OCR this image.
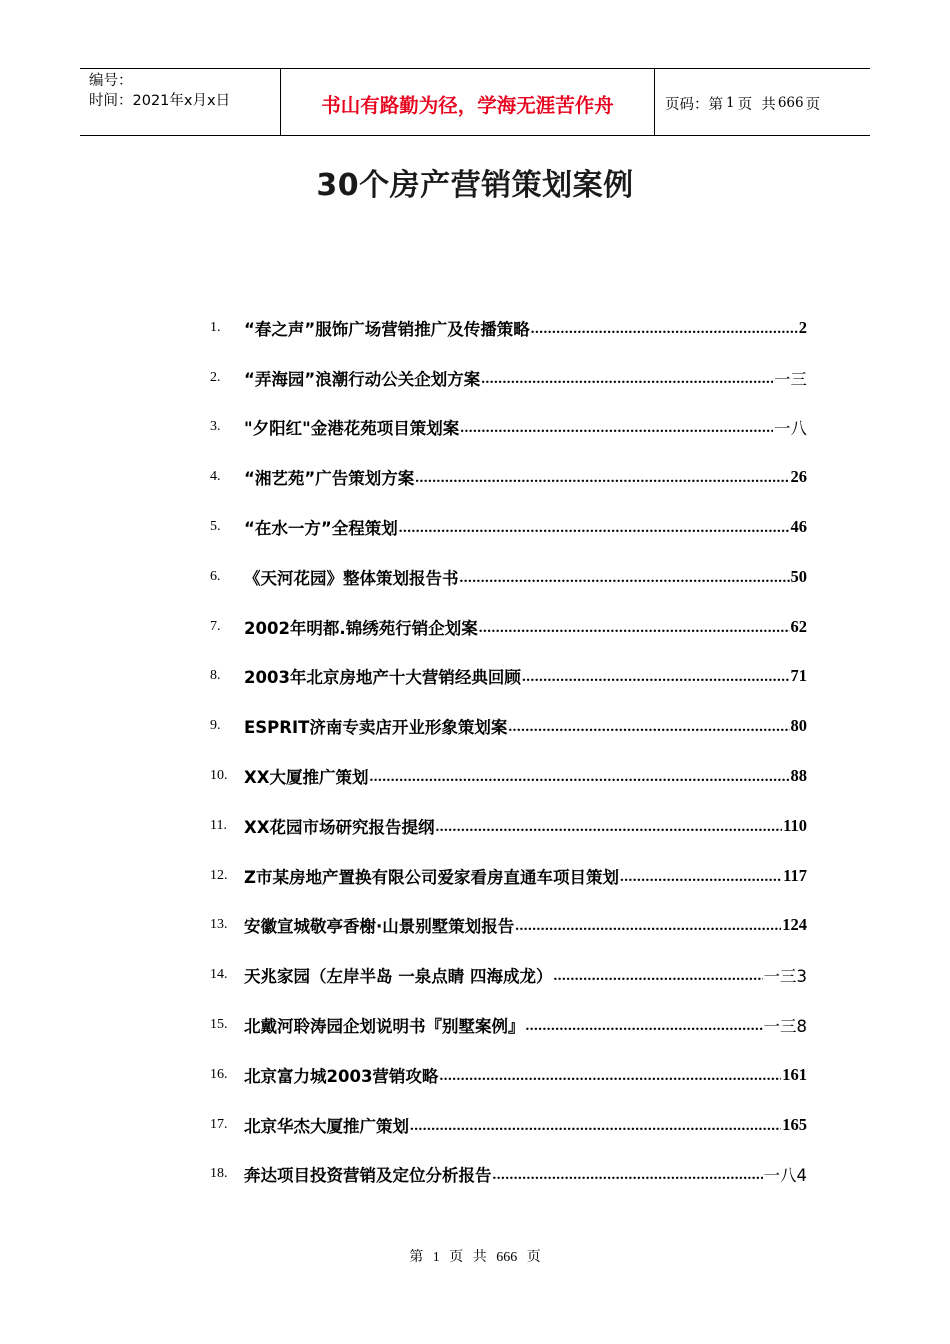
编号：
时间：2021年x月x日	书山有路勤为径，学海无涯苦作舟	页码：第 1 页  共 666 页
30个房产营销策划案例
1.	“春之声”服饰广场营销推广及传播策略 .....	2
2.	“弄海园”浪潮行动公关企划方案 .....	一三
3.	"夕阳红"金港花苑项目策划案 .....	一八
4.	“湘艺苑”广告策划方案 .....	26
5.	“在水一方”全程策划 .....	46
6.	《天河花园》整体策划报告书 .....	50
7.	2002年明都.锦绣苑行销企划案 .....	62
8.	2003年北京房地产十大营销经典回顾 .....	71
9.	ESPRIT济南专卖店开业形象策划案 .....	80
10.	XX大厦推广策划 .....	88
11.	XX花园市场研究报告提纲 .....	110
12.	Z市某房地产置换有限公司爱家看房直通车项目策划 .....	117
13.	安徽宣城敬亭香榭·山景别墅策划报告 .....	124
14.	天兆家园（左岸半岛 一泉点睛 四海成龙） .....	一三3
15.	北戴河聆涛园企划说明书『别墅案例』 .....	一三8
16.	北京富力城2003营销攻略 .....	161
17.	北京华杰大厦推广策划 .....	165
18.	奔达项目投资营销及定位分析报告 .....	一八4
第 1 页 共 666 页
